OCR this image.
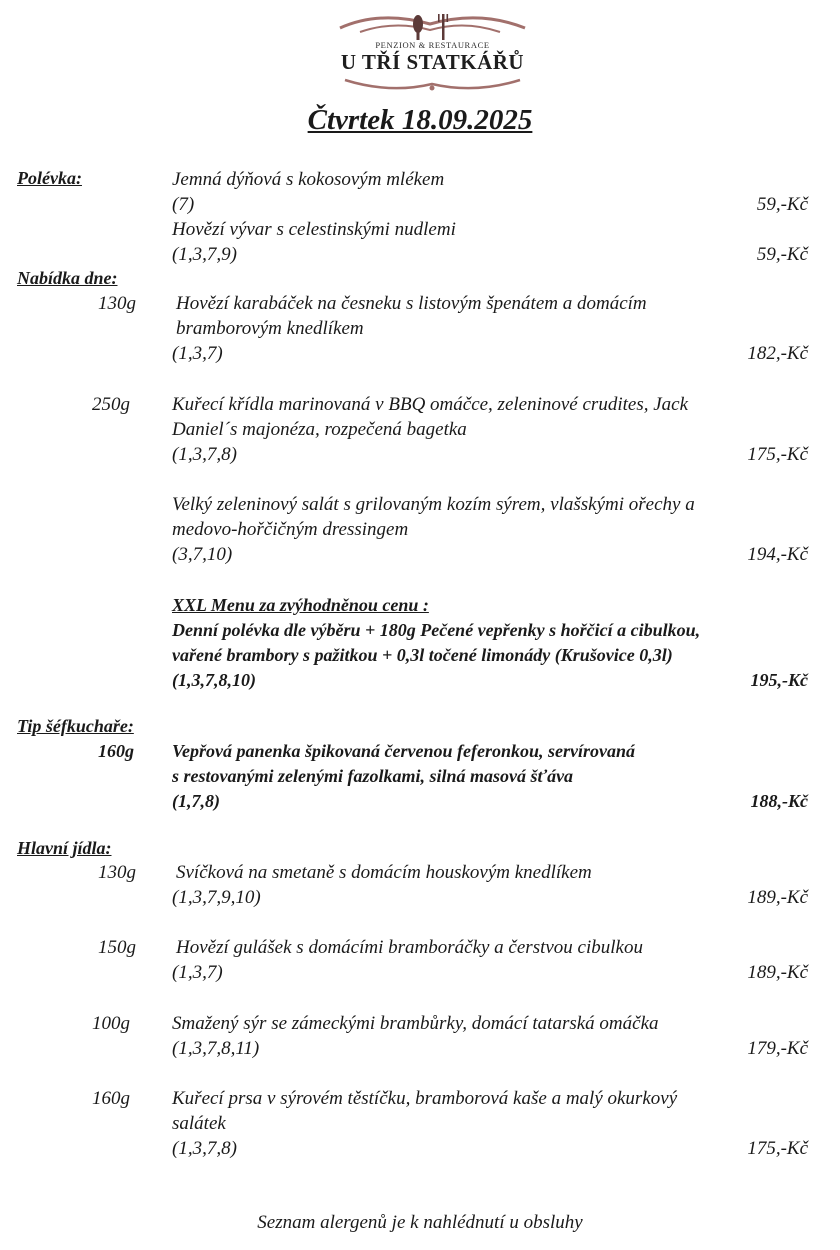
PENZION & RESTAURACE
U TŘÍ STATKÁŘŮ
Čtvrtek 18.09.2025
Polévka:	Jemná dýňová s kokosovým mlékem
(7)	59,-Kč
Hovězí vývar s celestinskými nudlemi
(1,3,7,9)	59,-Kč
Nabídka dne:
130g Hovězí karabáček na česneku s listovým špenátem a domácím
bramborovým knedlíkem
(1,3,7)	182,-Kč
250g Kuřecí křídla marinovaná v BBQ omáčce, zeleninové crudites, Jack
Daniel´s majonéza, rozpečená bagetka
(1,3,7,8)	175,-Kč
Velký zeleninový salát s grilovaným kozím sýrem, vlašskými ořechy a
medovo-hořčičným dressingem
(3,7,10)	194,-Kč
XXL Menu za zvýhodněnou cenu :
Denní polévka dle výběru + 180g Pečené vepřenky s hořčicí a cibulkou,
vařené brambory s pažitkou + 0,3l točené limonády (Krušovice 0,3l)
(1,3,7,8,10)	195,-Kč
Tip šéfkuchaře:
160g Vepřová panenka špikovaná červenou feferonkou, servírovaná
s restovanými zelenými fazolkami, silná masová šťáva
(1,7,8)	188,-Kč
Hlavní jídla:
130g Svíčková na smetaně s domácím houskovým knedlíkem
(1,3,7,9,10)	189,-Kč
150g Hovězí gulášek s domácími bramboráčky a čerstvou cibulkou
(1,3,7)	189,-Kč
100g Smažený sýr se zámeckými brambůrky, domácí tatarská omáčka
(1,3,7,8,11)	179,-Kč
160g Kuřecí prsa v sýrovém těstíčku, bramborová kaše a malý okurkový
salátek
(1,3,7,8)	175,-Kč
Seznam alergenů je k nahlédnutí u obsluhy
